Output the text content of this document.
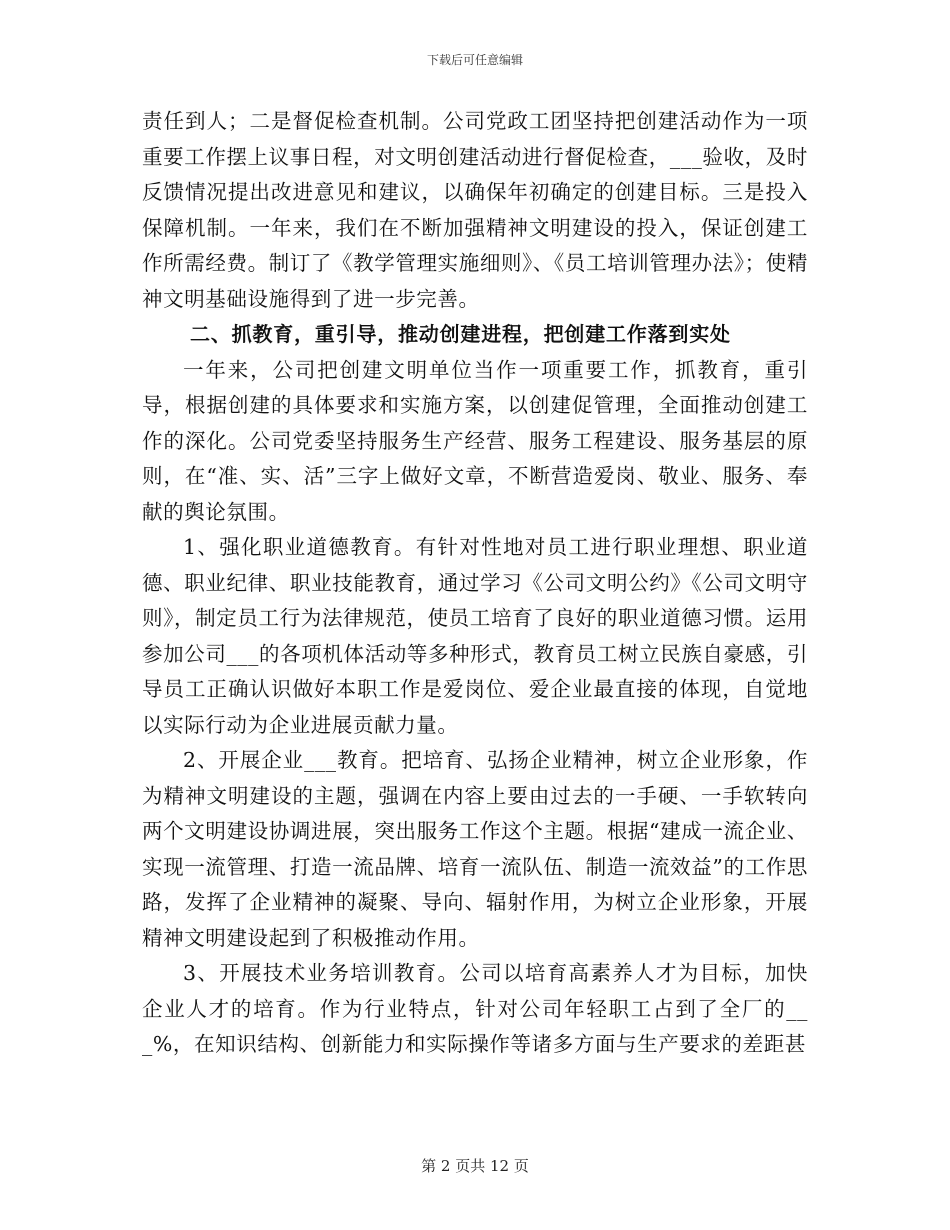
下载后可任意编辑

责任到人；二是督促检查机制。公司党政工团坚持把创建活动作为一项重要工作摆上议事日程，对文明创建活动进行督促检查，___验收，及时反馈情况提出改进意见和建议，以确保年初确定的创建目标。三是投入保障机制。一年来，我们在不断加强精神文明建设的投入，保证创建工作所需经费。制订了《教学管理实施细则》、《员工培训管理办法》；使精神文明基础设施得到了进一步完善。

二、抓教育，重引导，推动创建进程，把创建工作落到实处

一年来，公司把创建文明单位当作一项重要工作，抓教育，重引导，根据创建的具体要求和实施方案，以创建促管理，全面推动创建工作的深化。公司党委坚持服务生产经营、服务工程建设、服务基层的原则，在“准、实、活”三字上做好文章，不断营造爱岗、敬业、服务、奉献的舆论氛围。

1、强化职业道德教育。有针对性地对员工进行职业理想、职业道德、职业纪律、职业技能教育，通过学习《公司文明公约》《公司文明守则》，制定员工行为法律规范，使员工培育了良好的职业道德习惯。运用参加公司___的各项机体活动等多种形式，教育员工树立民族自豪感，引导员工正确认识做好本职工作是爱岗位、爱企业最直接的体现，自觉地以实际行动为企业进展贡献力量。

2、开展企业___教育。把培育、弘扬企业精神，树立企业形象，作为精神文明建设的主题，强调在内容上要由过去的一手硬、一手软转向两个文明建设协调进展，突出服务工作这个主题。根据“建成一流企业、实现一流管理、打造一流品牌、培育一流队伍、制造一流效益”的工作思路，发挥了企业精神的凝聚、导向、辐射作用，为树立企业形象，开展精神文明建设起到了积极推动作用。

3、开展技术业务培训教育。公司以培育高素养人才为目标，加快企业人才的培育。作为行业特点，针对公司年轻职工占到了全厂的___%，在知识结构、创新能力和实际操作等诸多方面与生产要求的差距甚

第 2 页共 12 页
